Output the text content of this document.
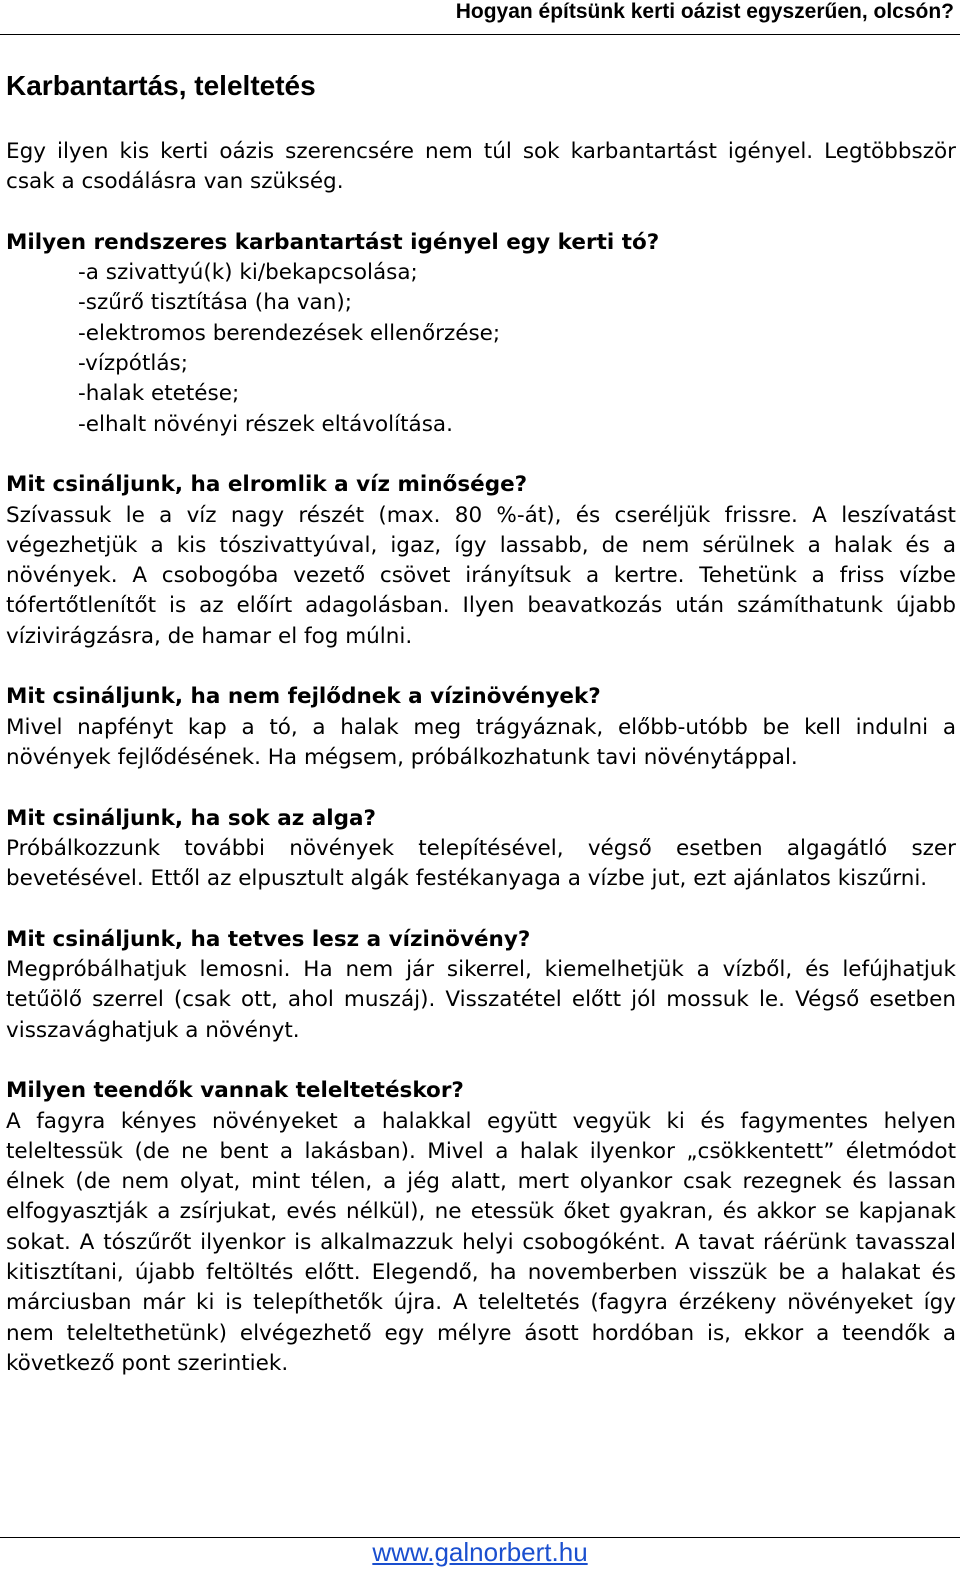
Hogyan építsünk kerti oázist egyszerűen, olcsón?
Karbantartás, teleltetés

Egy ilyen kis kerti oázis szerencsére nem túl sok karbantartást igényel. Legtöbbször csak a csodálásra van szükség.

Milyen rendszeres karbantartást igényel egy kerti tó?

-a szivattyú(k) ki/bekapcsolása;
-szűrő tisztítása (ha van);
-elektromos berendezések ellenőrzése;
-vízpótlás;
-halak etetése;
-elhalt növényi részek eltávolítása.

Mit csináljunk, ha elromlik a víz minősége?

Szívassuk le a víz nagy részét (max. 80 %-át), és cseréljük frissre. A leszívatást végezhetjük a kis tószivattyúval, igaz, így lassabb, de nem sérülnek a halak és a növények. A csobogóba vezető csövet irányítsuk a kertre. Tehetünk a friss vízbe tófertőtlenítőt is az előírt adagolásban. Ilyen beavatkozás után számíthatunk újabb vízivirágzásra, de hamar el fog múlni.

Mit csináljunk, ha nem fejlődnek a vízinövények?

Mivel napfényt kap a tó, a halak meg trágyáznak, előbb-utóbb be kell indulni a növények fejlődésének. Ha mégsem, próbálkozhatunk tavi növénytáppal.

Mit csináljunk, ha sok az alga?

Próbálkozzunk további növények telepítésével, végső esetben algagátló szer bevetésével. Ettől az elpusztult algák festékanyaga a vízbe jut, ezt ajánlatos kiszűrni.

Mit csináljunk, ha tetves lesz a vízinövény?

Megpróbálhatjuk lemosni. Ha nem jár sikerrel, kiemelhetjük a vízből, és lefújhatjuk tetűölő szerrel (csak ott, ahol muszáj). Visszatétel előtt jól mossuk le. Végső esetben visszavághatjuk a növényt.

Milyen teendők vannak teleltetéskor?

A fagyra kényes növényeket a halakkal együtt vegyük ki és fagymentes helyen teleltessük (de ne bent a lakásban). Mivel a halak ilyenkor „csökkentett” életmódot élnek (de nem olyat, mint télen, a jég alatt, mert olyankor csak rezegnek és lassan elfogyasztják a zsírjukat, evés nélkül), ne etessük őket gyakran, és akkor se kapjanak sokat. A tószűrőt ilyenkor is alkalmazzuk helyi csobogóként. A tavat ráérünk tavasszal kitisztítani, újabb feltöltés előtt. Elegendő, ha novemberben visszük be a halakat és márciusban már ki is telepíthetők újra. A teleltetés (fagyra érzékeny növényeket így nem teleltethetünk) elvégezhető egy mélyre ásott hordóban is, ekkor a teendők a következő pont szerintiek.

www.galnorbert.hu
